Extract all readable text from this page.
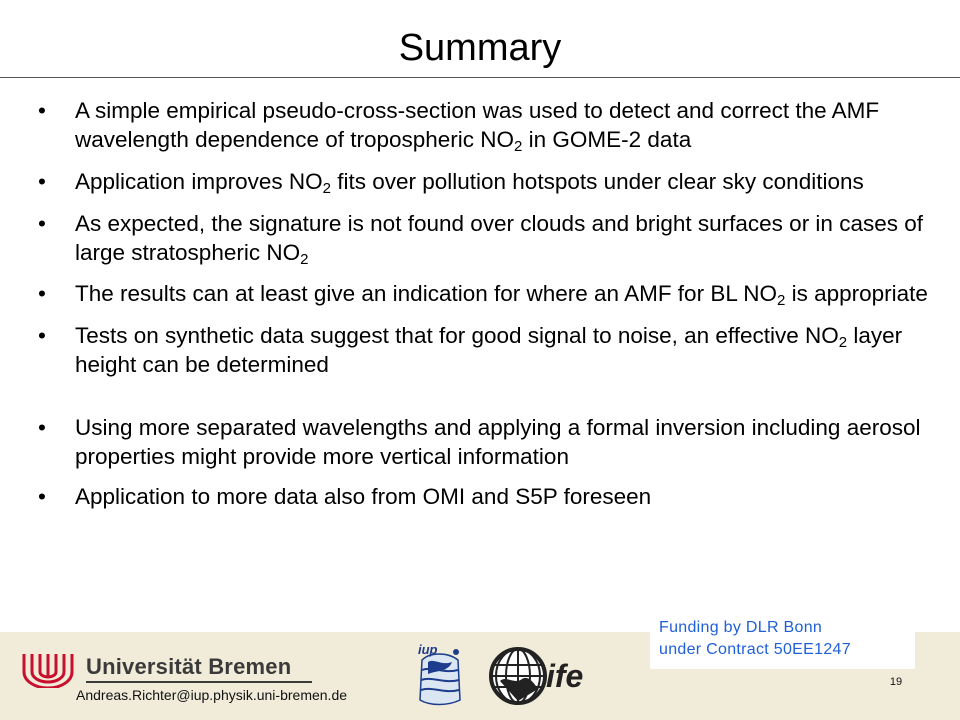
Summary
•	A simple empirical pseudo-cross-section was used to detect and correct the AMF wavelength dependence of tropospheric $NO_2$ in GOME-2 data
•	Application improves $NO_2$ fits over pollution hotspots under clear sky conditions
•	As expected, the signature is not found over clouds and bright surfaces or in cases of large stratospheric $NO_2$
•	The results can at least give an indication for where an AMF for BL $NO_2$ is appropriate
•	Tests on synthetic data suggest that for good signal to noise, an effective $NO_2$ layer height can be determined
•	Using more separated wavelengths and applying a formal inversion including aerosol properties might provide more vertical information
•	Application to more data also from OMI and S5P foreseen
Funding by DLR Bonn
under Contract 50EE1247
Universität Bremen
Andreas.Richter@iup.physik.uni-bremen.de
iup
ife	19
